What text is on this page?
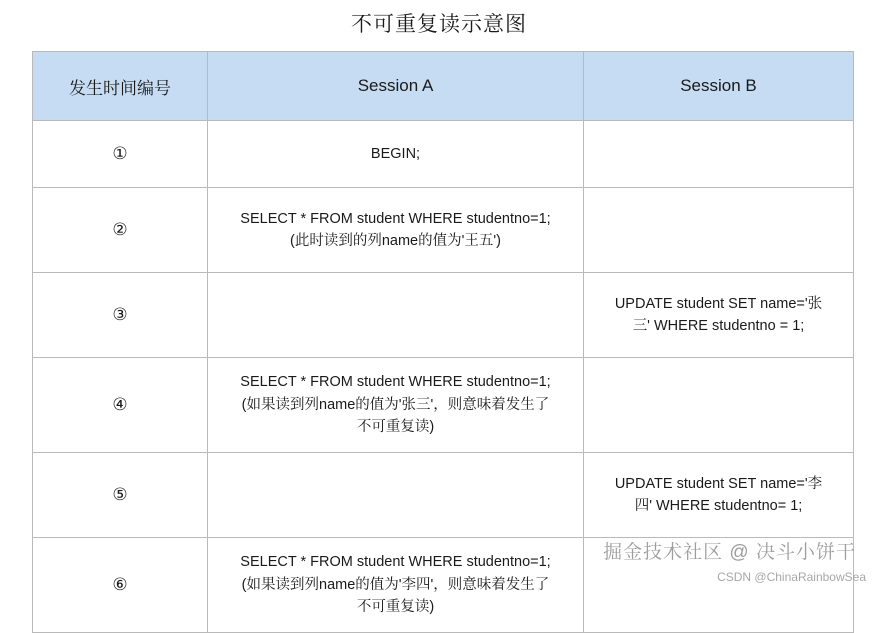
不可重复读示意图
发生时间编号	Session A	Session B
①	BEGIN;	

②	SELECT * FROM student WHERE studentno=1;
(此时读到的列name的值为'王五')	

③		UPDATE student SET name='张
三' WHERE studentno = 1;

④	SELECT * FROM student WHERE studentno=1;
(如果读到列name的值为'张三'，则意味着发生了
不可重复读)	

⑤		UPDATE student SET name='李
四' WHERE studentno= 1;

⑥	SELECT * FROM student WHERE studentno=1;
(如果读到列name的值为'李四'，则意味着发生了
不可重复读)	

掘金技术社区 @ 决斗小饼干
CSDN @ChinaRainbowSea
